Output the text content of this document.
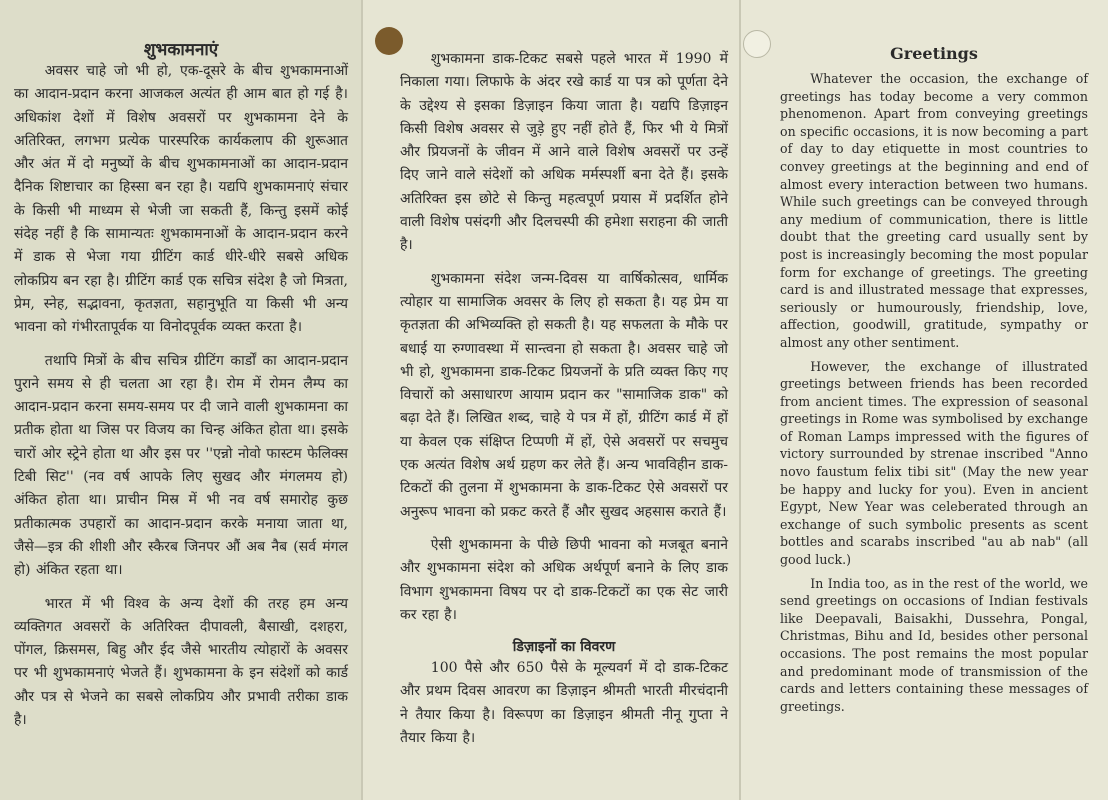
शुभकामनाएं

अवसर चाहे जो भी हो, एक-दूसरे के बीच शुभकामनाओं का आदान-प्रदान करना आजकल अत्यंत ही आम बात हो गई है। अधिकांश देशों में विशेष अवसरों पर शुभकामना देने के अतिरिक्त, लगभग प्रत्येक पारस्परिक कार्यकलाप की शुरूआत और अंत में दो मनुष्यों के बीच शुभकामनाओं का आदान-प्रदान दैनिक शिष्टाचार का हिस्सा बन रहा है। यद्यपि शुभकामनाएं संचार के किसी भी माध्यम से भेजी जा सकती हैं, किन्तु इसमें कोई संदेह नहीं है कि सामान्यतः शुभकामनाओं के आदान-प्रदान करने में डाक से भेजा गया ग्रीटिंग कार्ड धीरे-धीरे सबसे अधिक लोकप्रिय बन रहा है। ग्रीटिंग कार्ड एक सचित्र संदेश है जो मित्रता, प्रेम, स्नेह, सद्भावना, कृतज्ञता, सहानुभूति या किसी भी अन्य भावना को गंभीरतापूर्वक या विनोदपूर्वक व्यक्त करता है।

तथापि मित्रों के बीच सचित्र ग्रीटिंग कार्डों का आदान-प्रदान पुराने समय से ही चलता आ रहा है। रोम में रोमन लैम्प का आदान-प्रदान करना समय-समय पर दी जाने वाली शुभकामना का प्रतीक होता था जिस पर विजय का चिन्ह अंकित होता था। इसके चारों ओर स्ट्रेने होता था और इस पर ''एन्नो नोवो फास्टम फेलिक्स टिबी सिट'' (नव वर्ष आपके लिए सुखद और मंगलमय हो) अंकित होता था। प्राचीन मिस्र में भी नव वर्ष समारोह कुछ प्रतीकात्मक उपहारों का आदान-प्रदान करके मनाया जाता था, जैसे—इत्र की शीशी और स्कैरब जिनपर औं अब नैब (सर्व मंगल हो) अंकित रहता था।

भारत में भी विश्व के अन्य देशों की तरह हम अन्य व्यक्तिगत अवसरों के अतिरिक्त दीपावली, बैसाखी, दशहरा, पोंगल, क्रिसमस, बिहु और ईद जैसे भारतीय त्योहारों के अवसर पर भी शुभकामनाएं भेजते हैं। शुभकामना के इन संदेशों को कार्ड और पत्र से भेजने का सबसे लोकप्रिय और प्रभावी तरीका डाक है।

शुभकामना डाक-टिकट सबसे पहले भारत में 1990 में निकाला गया। लिफाफे के अंदर रखे कार्ड या पत्र को पूर्णता देने के उद्देश्य से इसका डिज़ाइन किया जाता है। यद्यपि डिज़ाइन किसी विशेष अवसर से जुड़े हुए नहीं होते हैं, फिर भी ये मित्रों और प्रियजनों के जीवन में आने वाले विशेष अवसरों पर उन्हें दिए जाने वाले संदेशों को अधिक मर्मस्पर्शी बना देते हैं। इसके अतिरिक्त इस छोटे से किन्तु महत्वपूर्ण प्रयास में प्रदर्शित होने वाली विशेष पसंदगी और दिलचस्पी की हमेशा सराहना की जाती है।

शुभकामना संदेश जन्म-दिवस या वार्षिकोत्सव, धार्मिक त्योहार या सामाजिक अवसर के लिए हो सकता है। यह प्रेम या कृतज्ञता की अभिव्यक्ति हो सकती है। यह सफलता के मौके पर बधाई या रुग्णावस्था में सान्त्वना हो सकता है। अवसर चाहे जो भी हो, शुभकामना डाक-टिकट प्रियजनों के प्रति व्यक्त किए गए विचारों को असाधारण आयाम प्रदान कर "सामाजिक डाक" को बढ़ा देते हैं। लिखित शब्द, चाहे ये पत्र में हों, ग्रीटिंग कार्ड में हों या केवल एक संक्षिप्त टिप्पणी में हों, ऐसे अवसरों पर सचमुच एक अत्यंत विशेष अर्थ ग्रहण कर लेते हैं। अन्य भावविहीन डाक-टिकटों की तुलना में शुभकामना के डाक-टिकट ऐसे अवसरों पर अनुरूप भावना को प्रकट करते हैं और सुखद अहसास कराते हैं।

ऐसी शुभकामना के पीछे छिपी भावना को मजबूत बनाने और शुभकामना संदेश को अधिक अर्थपूर्ण बनाने के लिए डाक विभाग शुभकामना विषय पर दो डाक-टिकटों का एक सेट जारी कर रहा है।

डिज़ाइनों का विवरण

100 पैसे और 650 पैसे के मूल्यवर्ग में दो डाक-टिकट और प्रथम दिवस आवरण का डिज़ाइन श्रीमती भारती मीरचंदानी ने तैयार किया है। विरूपण का डिज़ाइन श्रीमती नीनू गुप्ता ने तैयार किया है।

Greetings

Whatever the occasion, the exchange of greetings has today become a very common phenomenon. Apart from conveying greetings on specific occasions, it is now becoming a part of day to day etiquette in most countries to convey greetings at the beginning and end of almost every interaction between two humans. While such greetings can be conveyed through any medium of communication, there is little doubt that the greeting card usually sent by post is increasingly becoming the most popular form for exchange of greetings. The greeting card is and illustrated message that expresses, seriously or humourously, friendship, love, affection, goodwill, gratitude, sympathy or almost any other sentiment.

However, the exchange of illustrated greetings between friends has been recorded from ancient times. The expression of seasonal greetings in Rome was symbolised by exchange of Roman Lamps impressed with the figures of victory surrounded by strenae inscribed "Anno novo faustum felix tibi sit" (May the new year be happy and lucky for you). Even in ancient Egypt, New Year was celeberated through an exchange of such symbolic presents as scent bottles and scarabs inscribed "au ab nab" (all good luck.)

In India too, as in the rest of the world, we send greetings on occasions of Indian festivals like Deepavali, Baisakhi, Dussehra, Pongal, Christmas, Bihu and Id, besides other personal occasions. The post remains the most popular and predominant mode of transmission of the cards and letters containing these messages of greetings.
